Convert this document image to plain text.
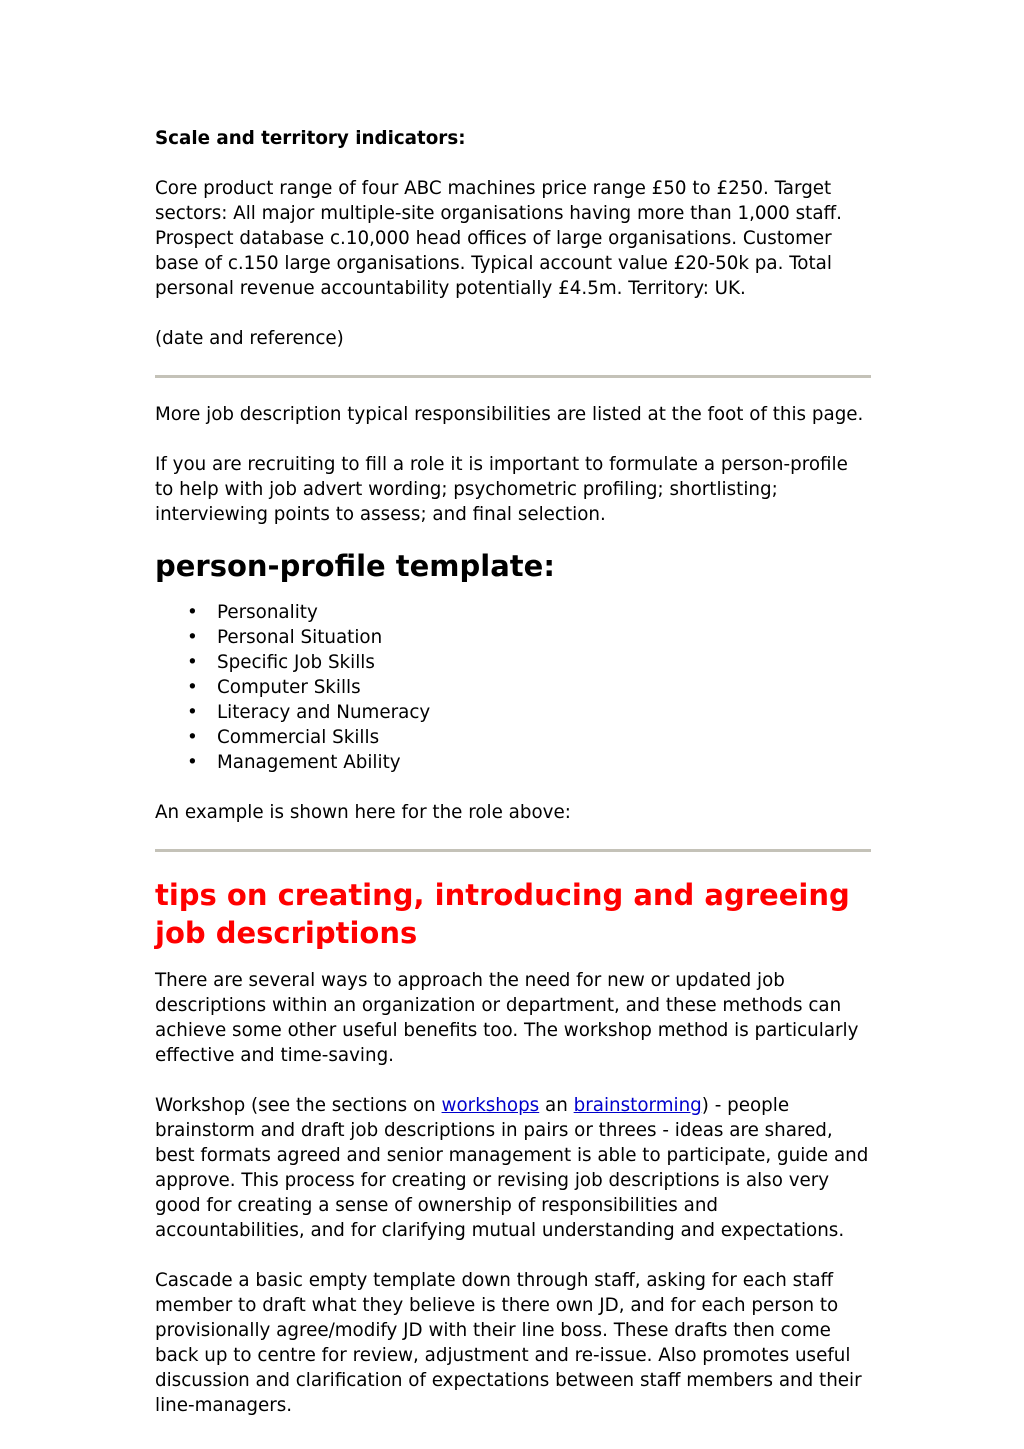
Scale and territory indicators:

Core product range of four ABC machines price range £50 to £250. Target sectors: All major multiple-site organisations having more than 1,000 staff. Prospect database c.10,000 head offices of large organisations. Customer base of c.150 large organisations. Typical account value £20-50k pa. Total personal revenue accountability potentially £4.5m. Territory: UK.

(date and reference)

More job description typical responsibilities are listed at the foot of this page.

If you are recruiting to fill a role it is important to formulate a person-profile to help with job advert wording; psychometric profiling; shortlisting; interviewing points to assess; and final selection.

person-profile template:
• Personality
• Personal Situation
• Specific Job Skills
• Computer Skills
• Literacy and Numeracy
• Commercial Skills
• Management Ability

An example is shown here for the role above:

tips on creating, introducing and agreeing job descriptions

There are several ways to approach the need for new or updated job descriptions within an organization or department, and these methods can achieve some other useful benefits too. The workshop method is particularly effective and time-saving.

Workshop (see the sections on workshops an brainstorming) - people brainstorm and draft job descriptions in pairs or threes - ideas are shared, best formats agreed and senior management is able to participate, guide and approve. This process for creating or revising job descriptions is also very good for creating a sense of ownership of responsibilities and accountabilities, and for clarifying mutual understanding and expectations.

Cascade a basic empty template down through staff, asking for each staff member to draft what they believe is there own JD, and for each person to provisionally agree/modify JD with their line boss. These drafts then come back up to centre for review, adjustment and re-issue. Also promotes useful discussion and clarification of expectations between staff members and their line-managers.
